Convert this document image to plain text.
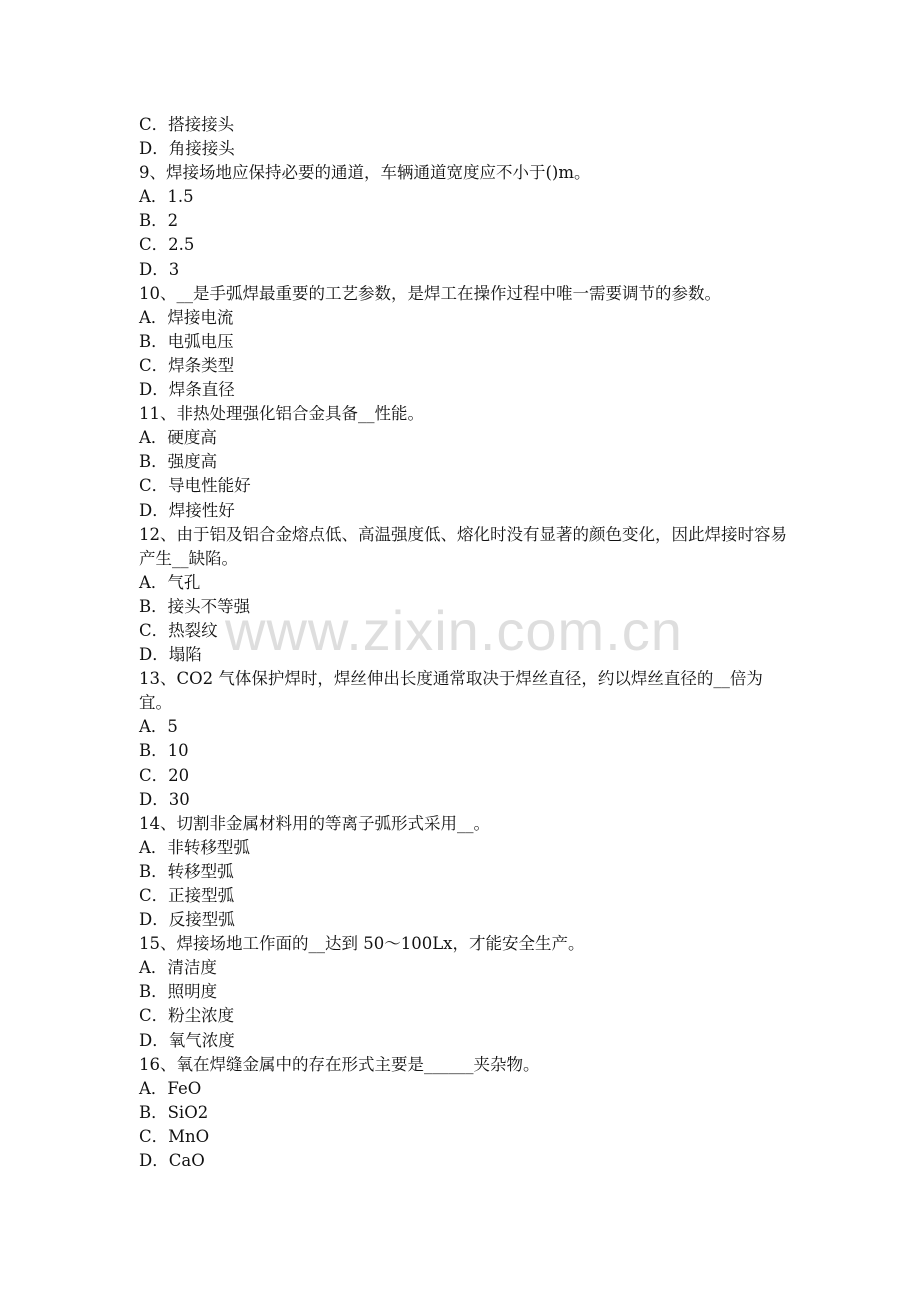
C．搭接接头
D．角接接头
9、焊接场地应保持必要的通道，车辆通道宽度应不小于()m。
A．1.5
B．2
C．2.5
D．3
10、__是手弧焊最重要的工艺参数，是焊工在操作过程中唯一需要调节的参数。
A．焊接电流
B．电弧电压
C．焊条类型
D．焊条直径
11、非热处理强化铝合金具备__性能。
A．硬度高
B．强度高
C．导电性能好
D．焊接性好
12、由于铝及铝合金熔点低、高温强度低、熔化时没有显著的颜色变化，因此焊接时容易产生__缺陷。
A．气孔
B．接头不等强
C．热裂纹
D．塌陷
13、CO2 气体保护焊时，焊丝伸出长度通常取决于焊丝直径，约以焊丝直径的__倍为宜。
A．5
B．10
C．20
D．30
14、切割非金属材料用的等离子弧形式采用__。
A．非转移型弧
B．转移型弧
C．正接型弧
D．反接型弧
15、焊接场地工作面的__达到 50～100Lx，才能安全生产。
A．清洁度
B．照明度
C．粉尘浓度
D．氧气浓度
16、氧在焊缝金属中的存在形式主要是______夹杂物。
A．FeO
B．SiO2
C．MnO
D．CaO
www.zixin.com.cn
